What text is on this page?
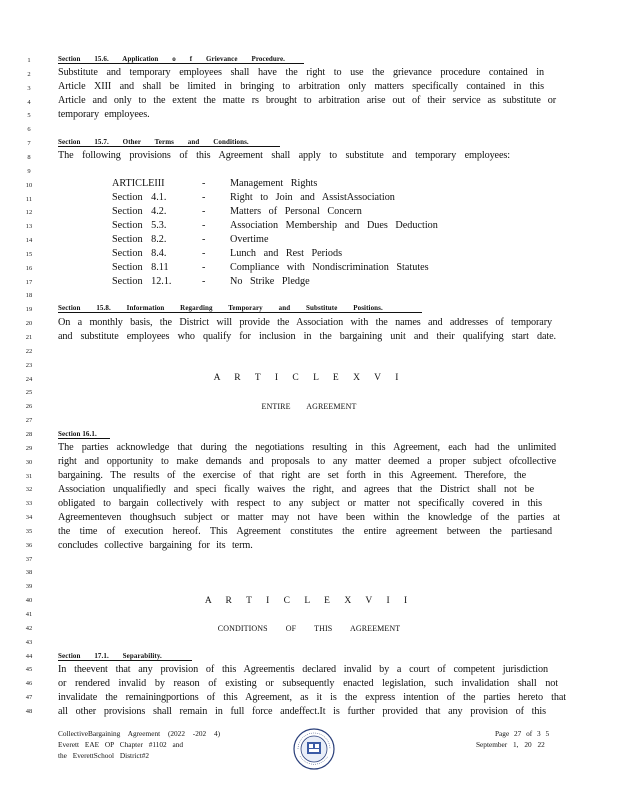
1
2
3
4
5
6
7
8
9
10
11
12
13
14
15
16
17
18
19
20
21
22
23
24
25
26
27
28
29
30
31
32
33
34
35
36
37
38
39
40
41
42
43
44
45
46
47
48
Section 15.6. Application o f Grievance Procedure.
Substitute and temporary employees shall have the right to use the grievance procedure contained in
Article XIII and shall be limited in bringing to arbitration only matters specifically contained in this
Article and only to the extent the matte rs brought to arbitration arise out of their service as substitute or
temporary employees.
Section 15.7. Other Terms and Conditions.
The following provisions of this Agreement shall apply to substitute and temporary employees:
ARTICLEIII	- Management Rights
Section 4.1.	- Right to Join and AssistAssociation
Section 4.2.	- Matters of Personal Concern
Section 5.3.	- Association Membership and Dues Deduction
Section 8.2.	- Overtime
Section 8.4.	- Lunch and Rest Periods
Section 8.11	- Compliance with Nondiscrimination Statutes
Section 12.1.	- No Strike Pledge
Section 15.8. Information Regarding Temporary and Substitute Positions.
On a monthly basis, the District will provide the Association with the names and addresses of temporary
and substitute employees who qualify for inclusion in the bargaining unit and their qualifying start date.
A R T I C L E X V I
ENTIRE AGREEMENT
Section 16.1.
The parties acknowledge that during the negotiations resulting in this Agreement, each had the unlimited
right and opportunity to make demands and proposals to any matter deemed a proper subject ofcollective
bargaining. The results of the exercise of that right are set forth in this Agreement. Therefore, the
Association unqualifiedly and speci fically waives the right, and agrees that the District shall not be
obligated to bargain collectively with respect to any subject or matter not specifically covered in this
Agreementeven thoughsuch subject or matter may not have been within the knowledge of the parties at
the time of execution hereof. This Agreement constitutes the entire agreement between the partiesand
concludes collective bargaining for its term.
A R T I C L E X V I I
CONDITIONS OF THIS AGREEMENT
Section 17.1. Separability.
In theevent that any provision of this Agreementis declared invalid by a court of competent jurisdiction
or rendered invalid by reason of existing or subsequently enacted legislation, such invalidation shall not
invalidate the remainingportions of this Agreement, as it is the express intention of the parties hereto that
all other provisions shall remain in full force andeffect.It is further provided that any provision of this
CollectiveBargaining Agreement (2022 -202 4)
Everett EAE OP Chapter #1102 and
the EverettSchool District#2
Page 27 of 3 5
September 1, 20 22
